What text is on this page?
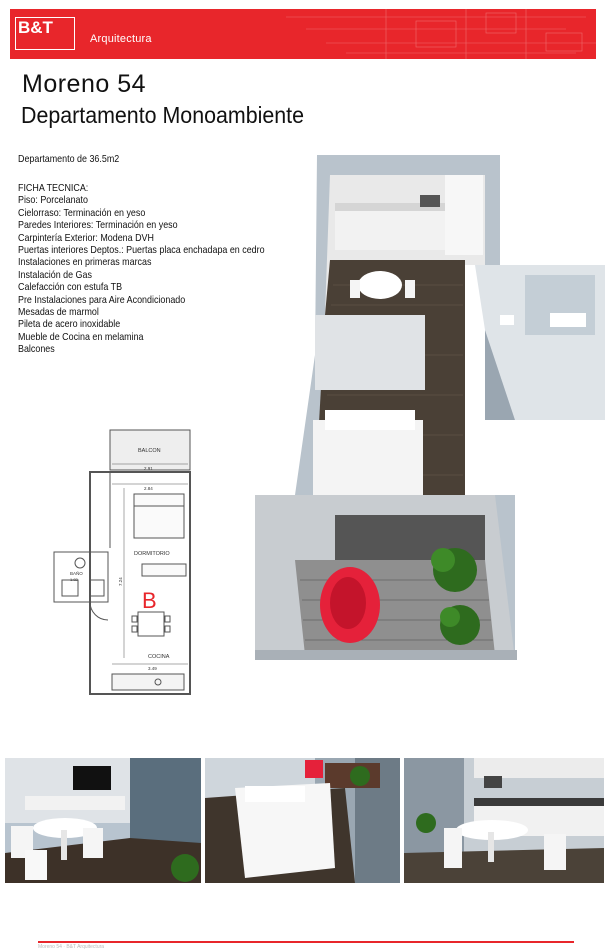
B&T
Arquitectura
Moreno 54
Departamento Monoambiente
Departamento de 36.5m2
FICHA TECNICA:
Piso: Porcelanato
Cielorraso: Terminación en yeso
Paredes Interiores: Terminación en yeso
Carpintería Exterior: Modena DVH
Puertas interiores Deptos.: Puertas placa enchadapa en cedro
Instalaciones en primeras marcas
Instalación de Gas
Calefacción con estufa TB
Pre Instalaciones para Aire Acondicionado
Mesadas de marmol
Pileta de acero inoxidable
Mueble de Cocina en melamina
Balcones
BALCON
2.91
2.84
DORMITORIO
BAÑO
1.82	7.24
B
3.49
COCINA
Moreno 54 · B&T Arquitectura
